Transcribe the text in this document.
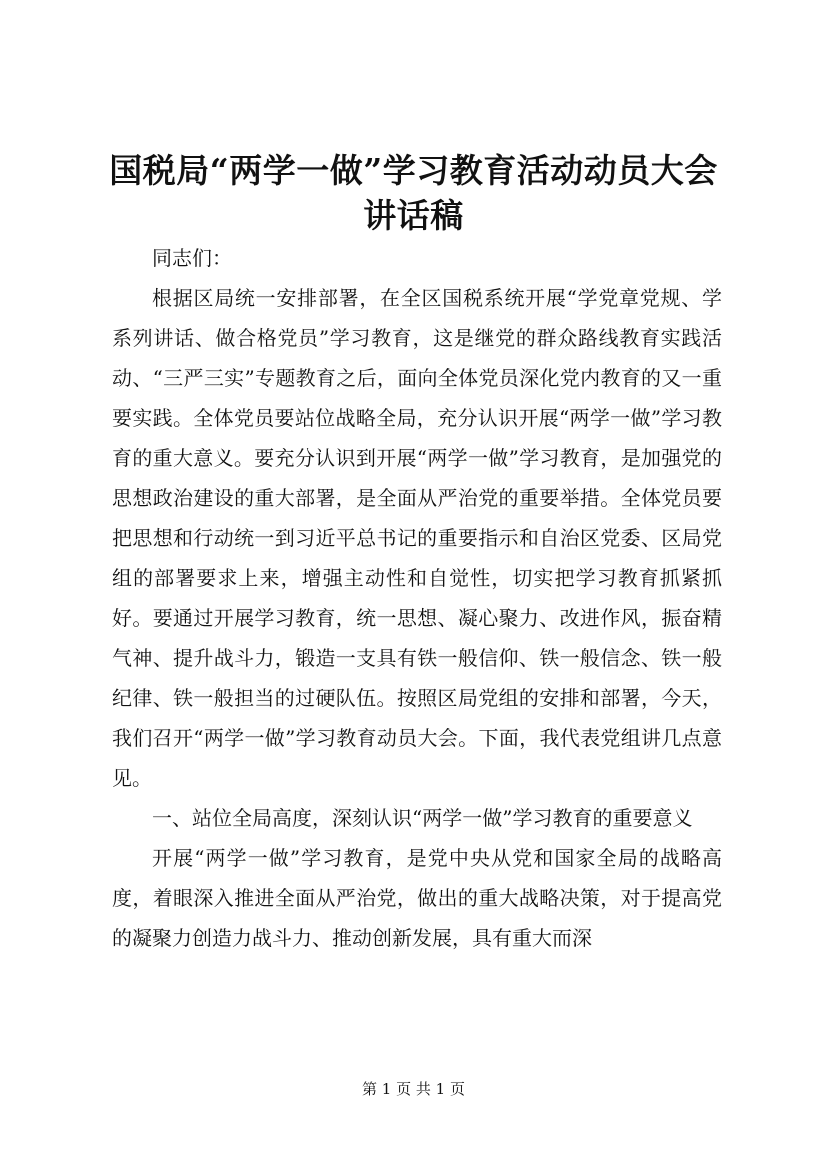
国税局“两学一做”学习教育活动动员大会讲话稿

同志们：

根据区局统一安排部署，在全区国税系统开展“学党章党规、学系列讲话、做合格党员”学习教育，这是继党的群众路线教育实践活动、“三严三实”专题教育之后，面向全体党员深化党内教育的又一重要实践。全体党员要站位战略全局，充分认识开展“两学一做”学习教育的重大意义。要充分认识到开展“两学一做”学习教育，是加强党的思想政治建设的重大部署，是全面从严治党的重要举措。全体党员要把思想和行动统一到习近平总书记的重要指示和自治区党委、区局党组的部署要求上来，增强主动性和自觉性，切实把学习教育抓紧抓好。要通过开展学习教育，统一思想、凝心聚力、改进作风，振奋精气神、提升战斗力，锻造一支具有铁一般信仰、铁一般信念、铁一般纪律、铁一般担当的过硬队伍。按照区局党组的安排和部署，今天，我们召开“两学一做”学习教育动员大会。下面，我代表党组讲几点意见。

一、站位全局高度，深刻认识“两学一做”学习教育的重要意义

开展“两学一做”学习教育，是党中央从党和国家全局的战略高度，着眼深入推进全面从严治党，做出的重大战略决策，对于提高党的凝聚力创造力战斗力、推动创新发展，具有重大而深

第 1 页 共 1 页
